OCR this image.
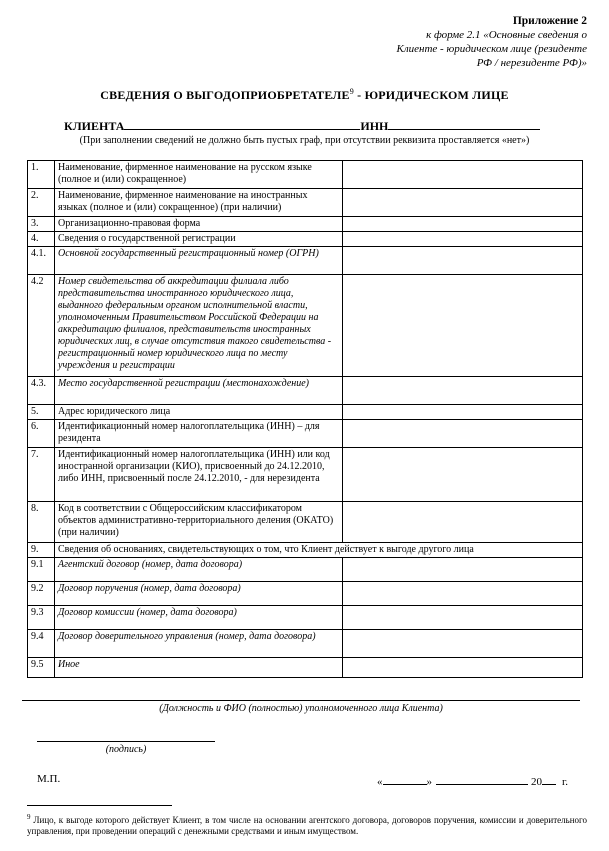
Приложение 2
к форме 2.1 «Основные сведения о
Клиенте - юридическом лице (резиденте
РФ / нерезиденте РФ)»
СВЕДЕНИЯ О ВЫГОДОПРИОБРЕТАТЕЛЕ$^9$ - ЮРИДИЧЕСКОМ ЛИЦЕ
КЛИЕНТА	ИНН
(При заполнении сведений не должно быть пустых граф, при отсутствии реквизита проставляется «нет»)
1.	Наименование, фирменное наименование на русском языке (полное и (или) сокращенное)	
2.	Наименование, фирменное наименование на иностранных языках (полное и (или) сокращенное) (при наличии)	
3.	Организационно-правовая форма	
4.	Сведения о государственной регистрации	
4.1.	Основной государственный регистрационный номер (ОГРН)	
4.2	Номер свидетельства об аккредитации филиала либо представительства иностранного юридического лица, выданного федеральным органом исполнительной власти, уполномоченным Правительством Российской Федерации на аккредитацию филиалов, представительств иностранных юридических лиц, в случае отсутствия такого свидетельства - регистрационный номер юридического лица по месту учреждения и регистрации	
4.3.	Место государственной регистрации (местонахождение)	
5.	Адрес юридического лица	
6.	Идентификационный номер налогоплательщика (ИНН) – для резидента	
7.	Идентификационный номер налогоплательщика (ИНН) или код иностранной организации (КИО), присвоенный до 24.12.2010, либо ИНН, присвоенный после 24.12.2010, - для нерезидента	
8.	Код в соответствии с Общероссийским классификатором объектов административно-территориального деления (ОКАТО) (при наличии)	
9.	Сведения об основаниях, свидетельствующих о том, что Клиент действует к выгоде другого лица	
9.1	Агентский договор (номер, дата договора)	
9.2	Договор поручения (номер, дата договора)	
9.3	Договор комиссии (номер, дата договора)	
9.4	Договор доверительного управления (номер, дата договора)	
9.5	Иное	
(Должность и ФИО (полностью) уполномоченного лица Клиента)
(подпись)
М.П.	«	»	20 г.
$^9$ Лицо, к выгоде которого действует Клиент, в том числе на основании агентского договора, договоров поручения, комиссии и доверительного управления, при проведении операций с денежными средствами и иным имуществом.
